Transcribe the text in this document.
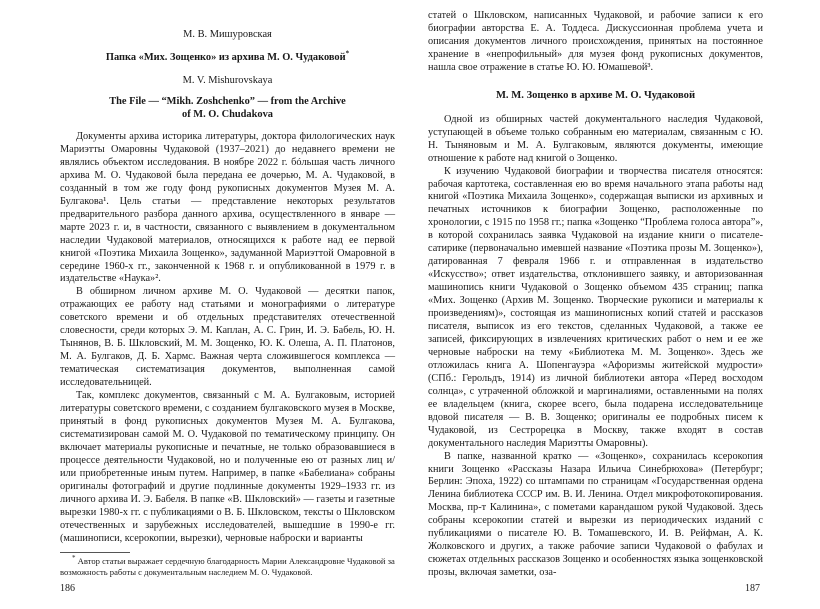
М. В. Мишуровская

Папка «Мих. Зощенко» из архива М. О. Чудаковой*

M. V. Mishurovskaya

The File — “Mikh. Zoshchenko” — from the Archive

of M. O. Chudakova

Документы архива историка литературы, доктора филологических наук Мариэтты Омаровны Чудаковой (1937–2021) до недавнего времени не являлись объектом исследования. В ноябре 2022 г. бóльшая часть личного архива М. О. Чудаковой была передана ее дочерью, М. А. Чудаковой, в созданный в том же году фонд рукописных документов Музея М. А. Булгакова¹. Цель статьи — представление некоторых результатов предварительного разбора данного архива, осуществленного в январе — марте 2023 г. и, в частности, связанного с выявлением в документальном наследии Чудаковой материалов, относящихся к работе над ее первой книгой «Поэтика Михаила Зощенко», задуманной Мариэттой Омаровной в середине 1960-х гг., законченной к 1968 г. и опубликованной в 1979 г. в издательстве «Наука»².

В обширном личном архиве М. О. Чудаковой — десятки папок, отражающих ее работу над статьями и монографиями о литературе советского времени и об отдельных представителях отечественной словесности, среди которых Э. М. Каплан, А. С. Грин, И. Э. Бабель, Ю. Н. Тынянов, В. Б. Шкловский, М. М. Зощенко, Ю. К. Олеша, А. П. Платонов, М. А. Булгаков, Д. Б. Хармс. Важная черта сложившегося комплекса — тематическая систематизация документов, выполненная самой исследовательницей.

Так, комплекс документов, связанный с М. А. Булгаковым, историей литературы советского времени, с созданием булгаковского музея в Москве, принятый в фонд рукописных документов Музея М. А. Булгакова, систематизирован самой М. О. Чудаковой по тематическому принципу. Он включает материалы рукописные и печатные, не только образовавшиеся в процессе деятельности Чудаковой, но и полученные ею от разных лиц и/или приобретенные иным путем. Например, в папке «Бабелиана» собраны оригиналы фотографий и другие подлинные документы 1929–1933 гг. из личного архива И. Э. Бабеля. В папке «В. Шкловский» — газеты и газетные вырезки 1980-х гг. с публикациями о В. Б. Шкловском, тексты о Шкловском отечественных и зарубежных исследователей, вышедшие в 1990-е гг. (машинописи, ксерокопии, вырезки), черновые наброски и варианты

* Автор статьи выражает сердечную благодарность Марии Александровне Чудаковой за возможность работы с документальным наследием М. О. Чудаковой.

186

статей о Шкловском, написанных Чудаковой, и рабочие записи к его биографии авторства Е. А. Тоддеса. Дискуссионная проблема учета и описания документов личного происхождения, принятых на постоянное хранение в «непрофильный» для музея фонд рукописных документов, нашла свое отражение в статье Ю. Ю. Юмашевой³.

М. М. Зощенко в архиве М. О. Чудаковой

Одной из обширных частей документального наследия Чудаковой, уступающей в объеме только собранным ею материалам, связанным с Ю. Н. Тыняновым и М. А. Булгаковым, являются документы, имеющие отношение к работе над книгой о Зощенко.

К изучению Чудаковой биографии и творчества писателя относятся: рабочая картотека, составленная ею во время начального этапа работы над книгой «Поэтика Михаила Зощенко», содержащая выписки из архивных и печатных источников к биографии Зощенко, расположенные по хронологии, с 1915 по 1958 гг.; папка «Зощенко “Проблема голоса автора”», в которой сохранилась заявка Чудаковой на издание книги о писателе-сатирике (первоначально имевшей название «Поэтика прозы М. Зощенко»), датированная 7 февраля 1966 г. и отправленная в издательство «Искусство»; ответ издательства, отклонившего заявку, и авторизованная машинопись книги Чудаковой о Зощенко объемом 435 страниц; папка «Мих. Зощенко (Архив М. Зощенко. Творческие рукописи и материалы к произведениям)», состоящая из машинописных копий статей и рассказов писателя, выписок из его текстов, сделанных Чудаковой, а также ее записей, фиксирующих в извлечениях критических работ о нем и ее же черновые наброски на тему «Библиотека М. М. Зощенко». Здесь же отложилась книга А. Шопенгауэра «Афоризмы житейской мудрости» (СПб.: Герольдъ, 1914) из личной библиотеки автора «Перед восходом солнца», с утраченной обложкой и маргиналиями, оставленными на полях ее владельцем (книга, скорее всего, была подарена исследовательнице вдовой писателя — В. В. Зощенко; оригиналы ее подробных писем к Чудаковой, из Сестрорецка в Москву, также входят в состав документального наследия Мариэтты Омаровны).

В папке, названной кратко — «Зощенко», сохранилась ксерокопия книги Зощенко «Рассказы Назара Ильича Синебрюхова» (Петербург; Берлин: Эпоха, 1922) со штампами по страницам «Государственная ордена Ленина библиотека СССР им. В. И. Ленина. Отдел микрофотокопирования. Москва, пр-т Калинина», с пометами карандашом рукой Чудаковой. Здесь собраны ксерокопии статей и вырезки из периодических изданий с публикациями о писателе Ю. В. Томашевского, И. В. Рейфман, А. К. Жолковского и других, а также рабочие записи Чудаковой о фабулах и сюжетах отдельных рассказов Зощенко и особенностях языка зощенковской прозы, включая заметки, оза-

187
